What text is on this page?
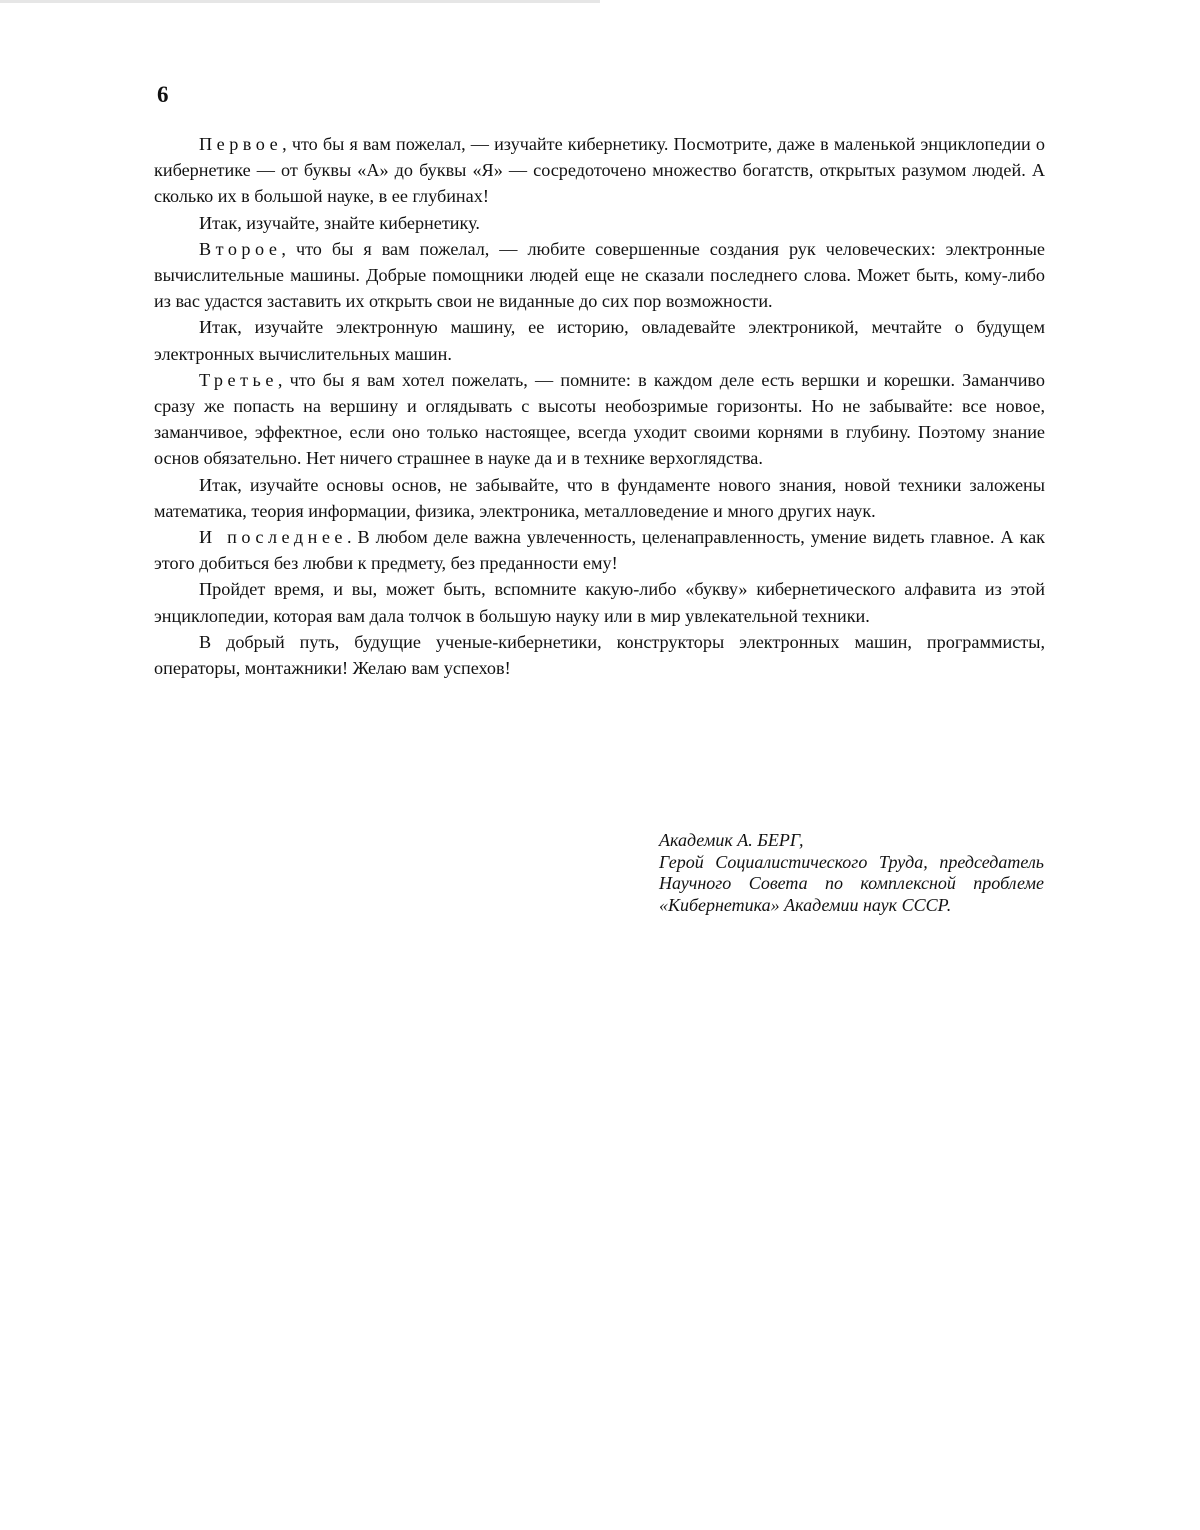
6

Первое, что бы я вам пожелал, — изучайте кибернетику. Посмотрите, даже в маленькой энциклопедии о кибернетике — от буквы «А» до буквы «Я» — сосредоточено множество богатств, открытых разумом людей. А сколько их в большой науке, в ее глубинах!

Итак, изучайте, знайте кибернетику.

Второе, что бы я вам пожелал, — любите совершенные создания рук человеческих: электронные вычислительные машины. Добрые помощники людей еще не сказали последнего слова. Может быть, кому-либо из вас удастся заставить их открыть свои не виданные до сих пор возможности.

Итак, изучайте электронную машину, ее историю, овладевайте электроникой, мечтайте о будущем электронных вычислительных машин.

Третье, что бы я вам хотел пожелать, — помните: в каждом деле есть вершки и корешки. Заманчиво сразу же попасть на вершину и оглядывать с высоты необозримые горизонты. Но не забывайте: все новое, заманчивое, эффектное, если оно только настоящее, всегда уходит своими корнями в глубину. Поэтому знание основ обязательно. Нет ничего страшнее в науке да и в технике верхоглядства.

Итак, изучайте основы основ, не забывайте, что в фундаменте нового знания, новой техники заложены математика, теория информации, физика, электроника, металловедение и много других наук.

И последнее. В любом деле важна увлеченность, целенаправленность, умение видеть главное. А как этого добиться без любви к предмету, без преданности ему!

Пройдет время, и вы, может быть, вспомните какую-либо «букву» кибернетического алфавита из этой энциклопедии, которая вам дала толчок в большую науку или в мир увлекательной техники.

В добрый путь, будущие ученые-кибернетики, конструкторы электронных машин, программисты, операторы, монтажники! Желаю вам успехов!

Академик А. БЕРГ,

Герой Социалистического Труда, председатель Научного Совета по комплексной проблеме «Кибернетика» Академии наук СССР.
